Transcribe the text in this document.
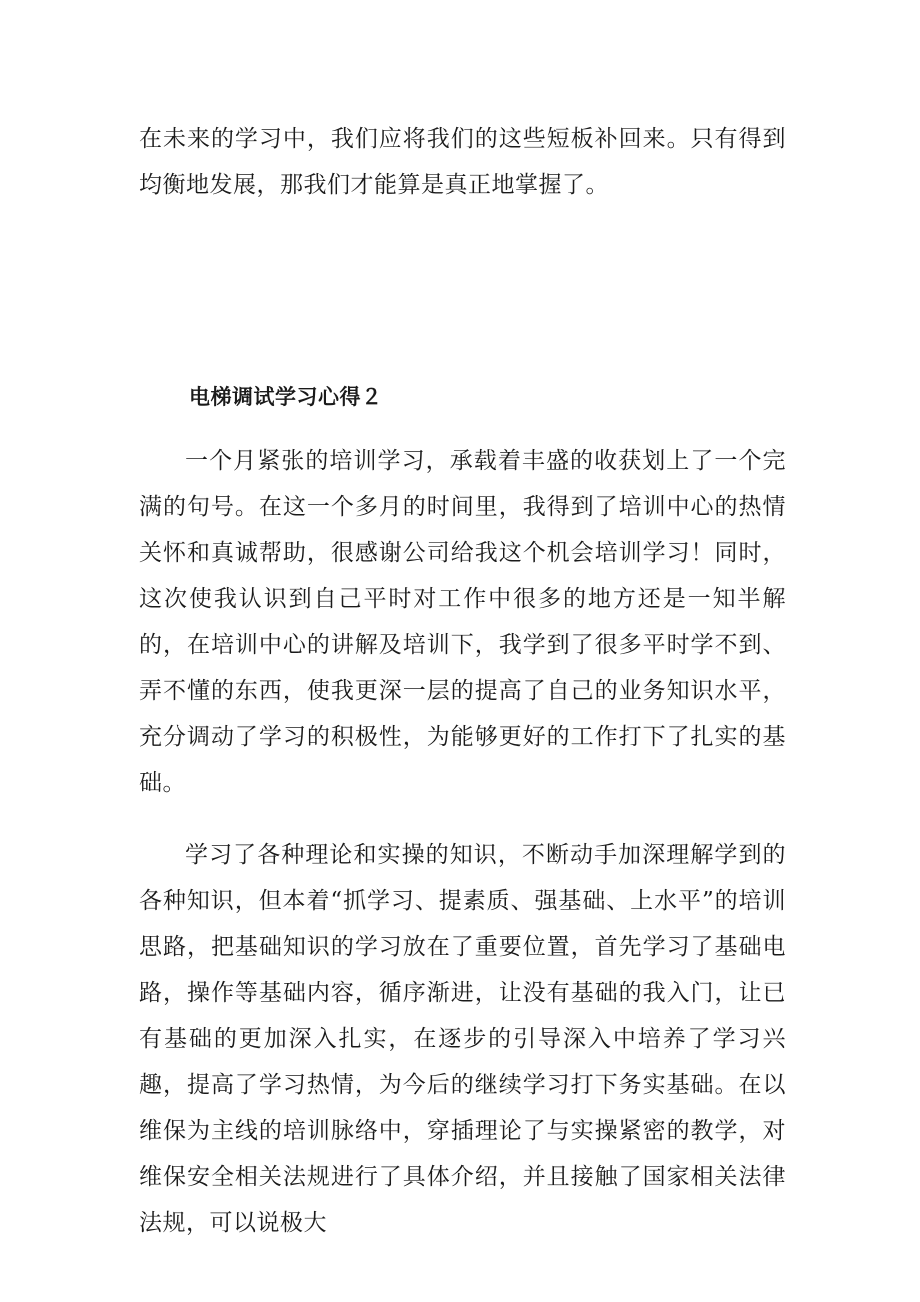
在未来的学习中，我们应将我们的这些短板补回来。只有得到均衡地发展，那我们才能算是真正地掌握了。

电梯调试学习心得２

一个月紧张的培训学习，承载着丰盛的收获划上了一个完满的句号。在这一个多月的时间里，我得到了培训中心的热情关怀和真诚帮助，很感谢公司给我这个机会培训学习！同时，这次使我认识到自己平时对工作中很多的地方还是一知半解的，在培训中心的讲解及培训下，我学到了很多平时学不到、弄不懂的东西，使我更深一层的提高了自己的业务知识水平，充分调动了学习的积极性，为能够更好的工作打下了扎实的基础。

学习了各种理论和实操的知识，不断动手加深理解学到的各种知识，但本着“抓学习、提素质、强基础、上水平”的培训思路，把基础知识的学习放在了重要位置，首先学习了基础电路，操作等基础内容，循序渐进，让没有基础的我入门，让已有基础的更加深入扎实，在逐步的引导深入中培养了学习兴趣，提高了学习热情，为今后的继续学习打下务实基础。在以维保为主线的培训脉络中，穿插理论了与实操紧密的教学，对维保安全相关法规进行了具体介绍，并且接触了国家相关法律法规，可以说极大
